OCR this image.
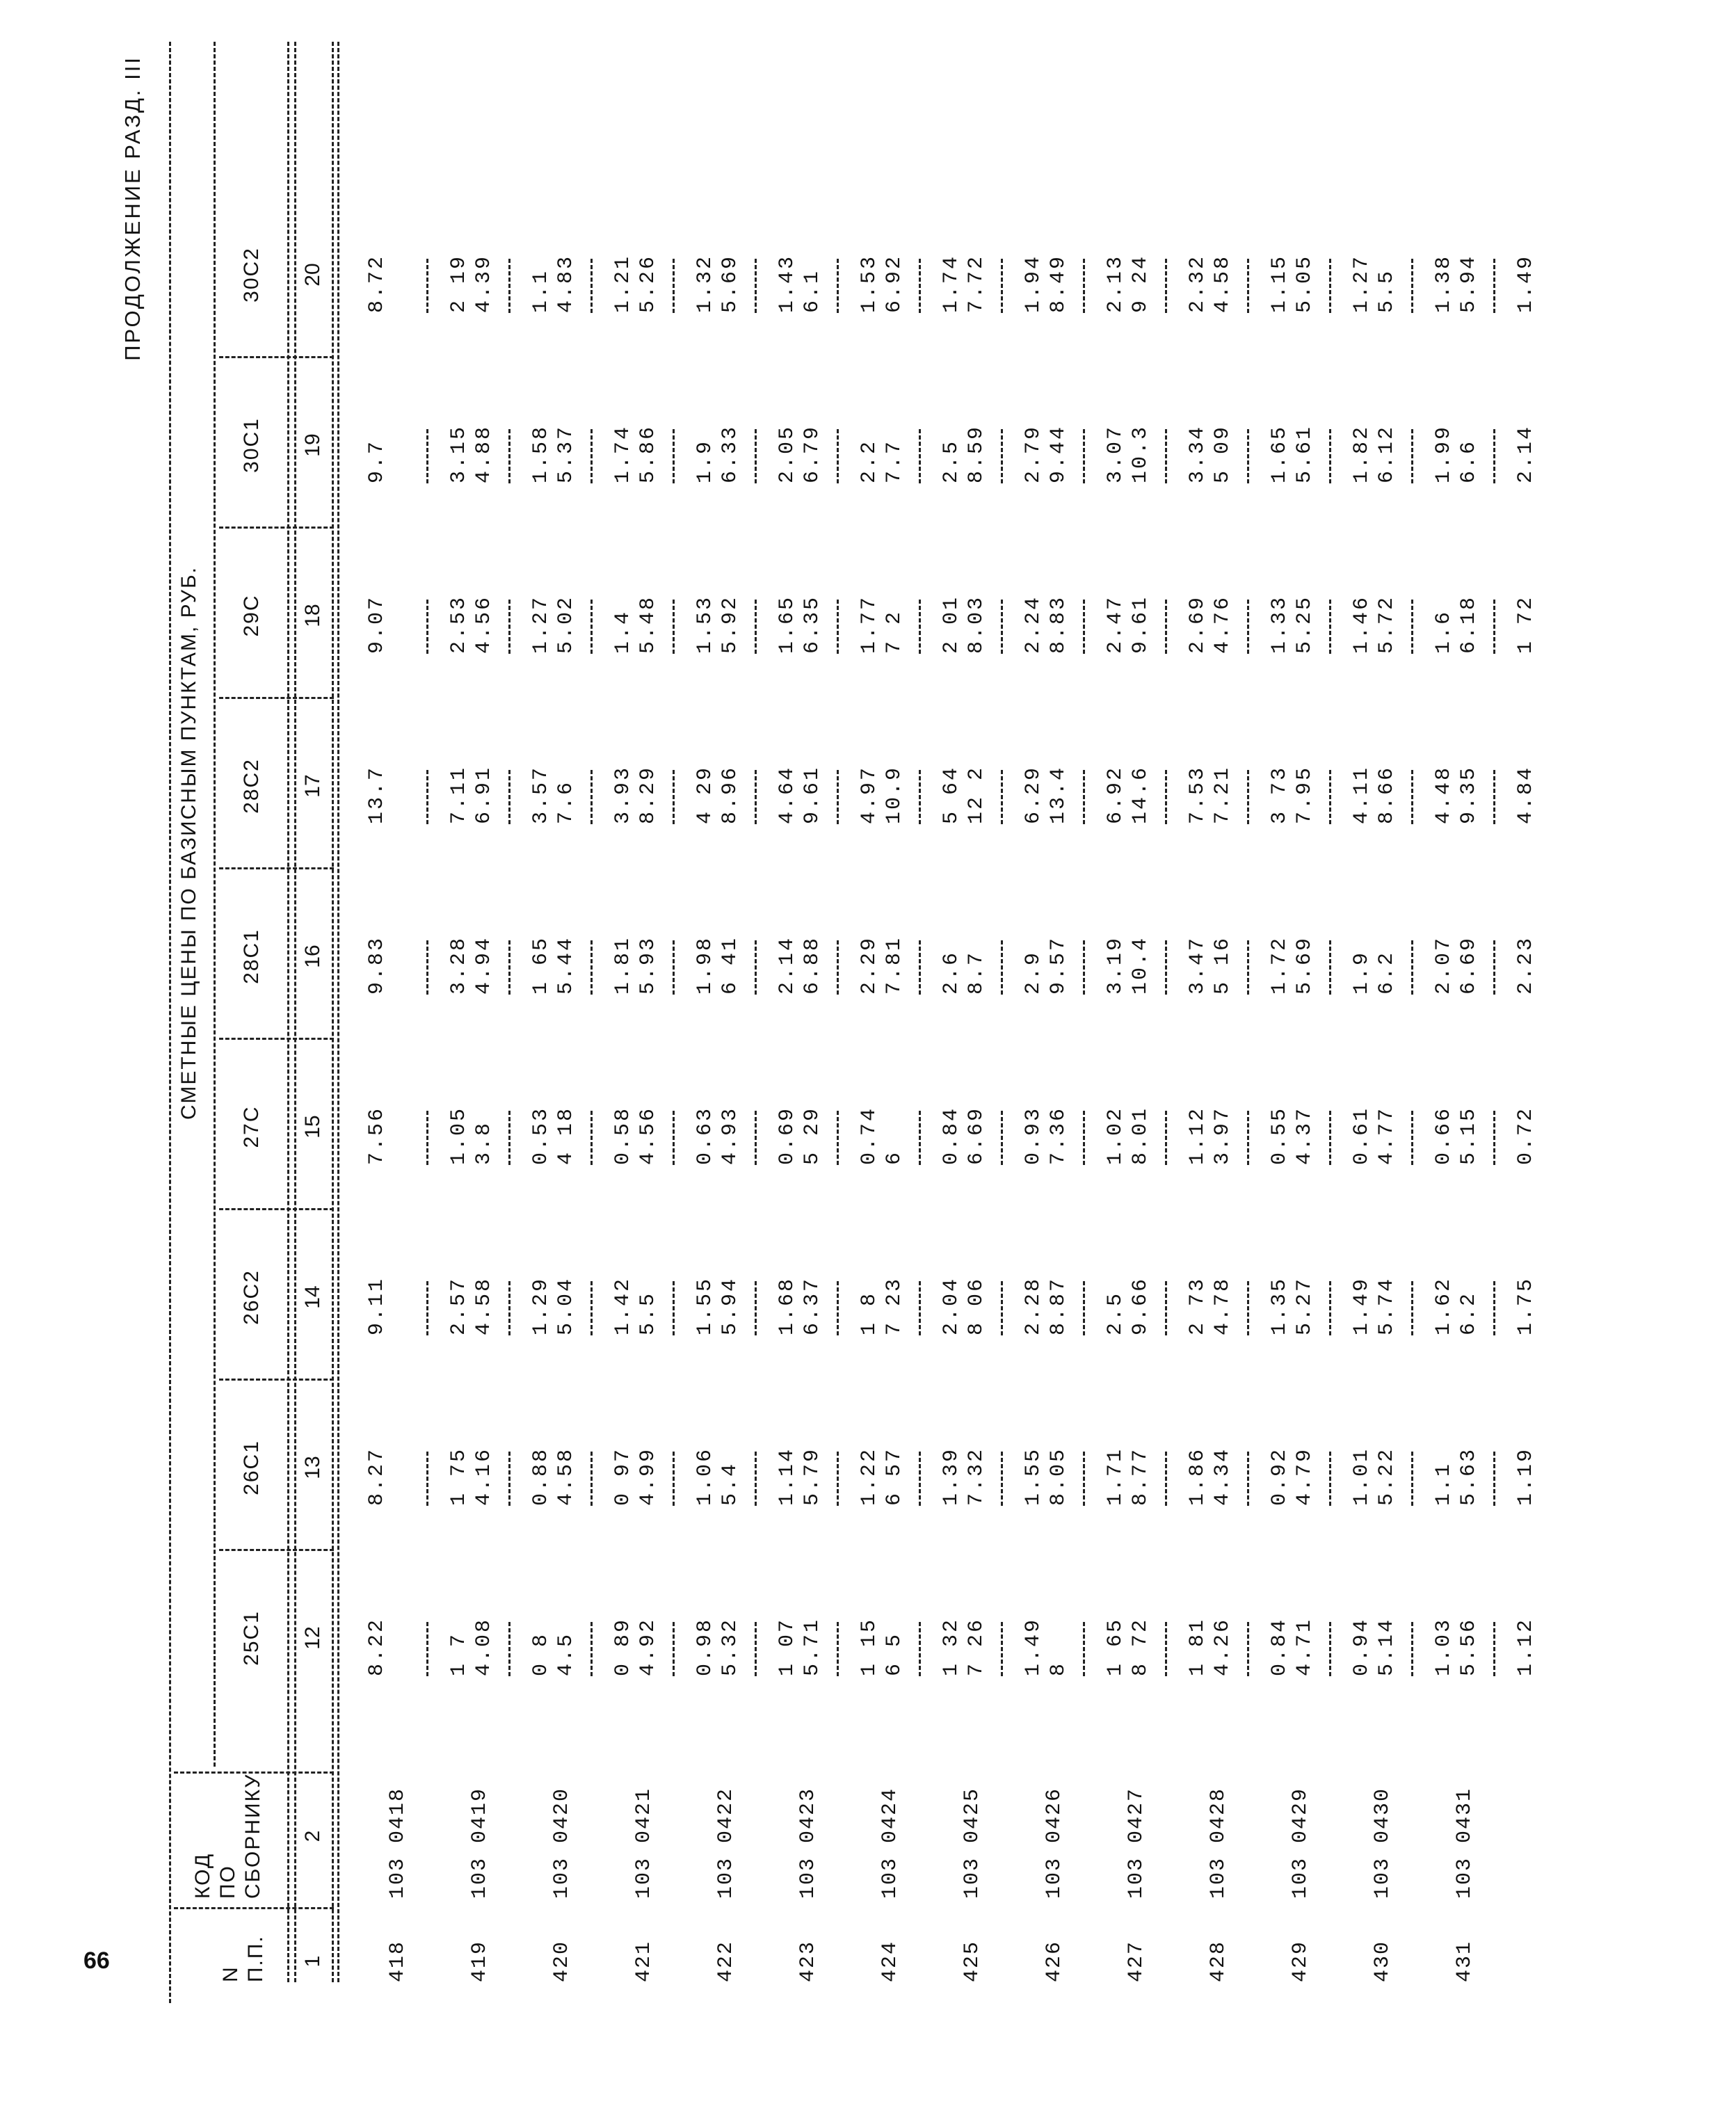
66
ПРОДОЛЖЕНИЕ РАЗД. III
N П.П.
КОД ПО СБОРНИКУ
СМЕТНЫЕ ЦЕНЫ ПО БАЗИСНЫМ ПУНКТАМ, РУБ.
25С1
26С1
26С2
27С
28С1
28С2
29С
30С1
30С2
1
2
12
13
14
15
16
17
18
19
20
418
103 0418
8.22
8.27
9.11
7.56
9.83
13.7
9.07
9.7
8.72
419
103 0419
1 7 4.08
1 75 4.16
2.57 4.58
1.05 3.8
3.28 4.94
7.11 6.91
2.53 4.56
3.15 4.88
2 19 4.39
420
103 0420
0 8 4.5
0.88 4.58
1.29 5.04
0.53 4 18
1 65 5.44
3.57 7.6
1.27 5.02
1.58 5.37
1.1 4.83
421
103 0421
0 89 4.92
0 97 4.99
1.42 5.5
0.58 4.56
1.81 5.93
3.93 8.29
1.4 5.48
1.74 5.86
1.21 5.26
422
103 0422
0.98 5.32
1.06 5.4
1.55 5.94
0.63 4.93
1.98 6 41
4 29 8.96
1.53 5.92
1.9 6.33
1.32 5.69
423
103 0423
1 07 5.71
1.14 5.79
1.68 6.37
0.69 5 29
2.14 6.88
4.64 9.61
1.65 6.35
2.05 6.79
1.43 6.1
424
103 0424
1 15 6 5
1.22 6 57
1 8 7 23
0.74 6
2.29 7.81
4.97 10.9
1.77 7 2
2.2 7.7
1.53 6.92
425
103 0425
1 32 7 26
1.39 7.32
2.04 8 06
0.84 6.69
2.6 8.7
5 64 12 2
2 01 8.03
2.5 8.59
1.74 7.72
426
103 0426
1.49 8
1.55 8.05
2.28 8.87
0.93 7.36
2.9 9.57
6.29 13.4
2.24 8.83
2.79 9.44
1.94 8.49
427
103 0427
1 65 8 72
1.71 8.77
2.5 9.66
1.02 8.01
3.19 10.4
6.92 14.6
2.47 9.61
3.07 10.3
2.13 9 24
428
103 0428
1 81 4.26
1.86 4.34
2 73 4.78
1.12 3.97
3.47 5 16
7.53 7.21
2.69 4.76
3.34 5 09
2.32 4.58
429
103 0429
0.84 4.71
0.92 4.79
1.35 5.27
0.55 4.37
1.72 5.69
3 73 7.95
1.33 5.25
1.65 5.61
1.15 5.05
430
103 0430
0.94 5.14
1.01 5.22
1.49 5.74
0.61 4.77
1.9 6.2
4.11 8.66
1.46 5.72
1.82 6.12
1.27 5.5
431
103 0431
1.03 5.56
1.1 5.63
1.62 6.2
0.66 5.15
2.07 6.69
4.48 9.35
1.6 6.18
1.99 6.6
1.38 5.94
1.12
1.19
1.75
0.72
2.23
4.84
1 72
2.14
1.49
